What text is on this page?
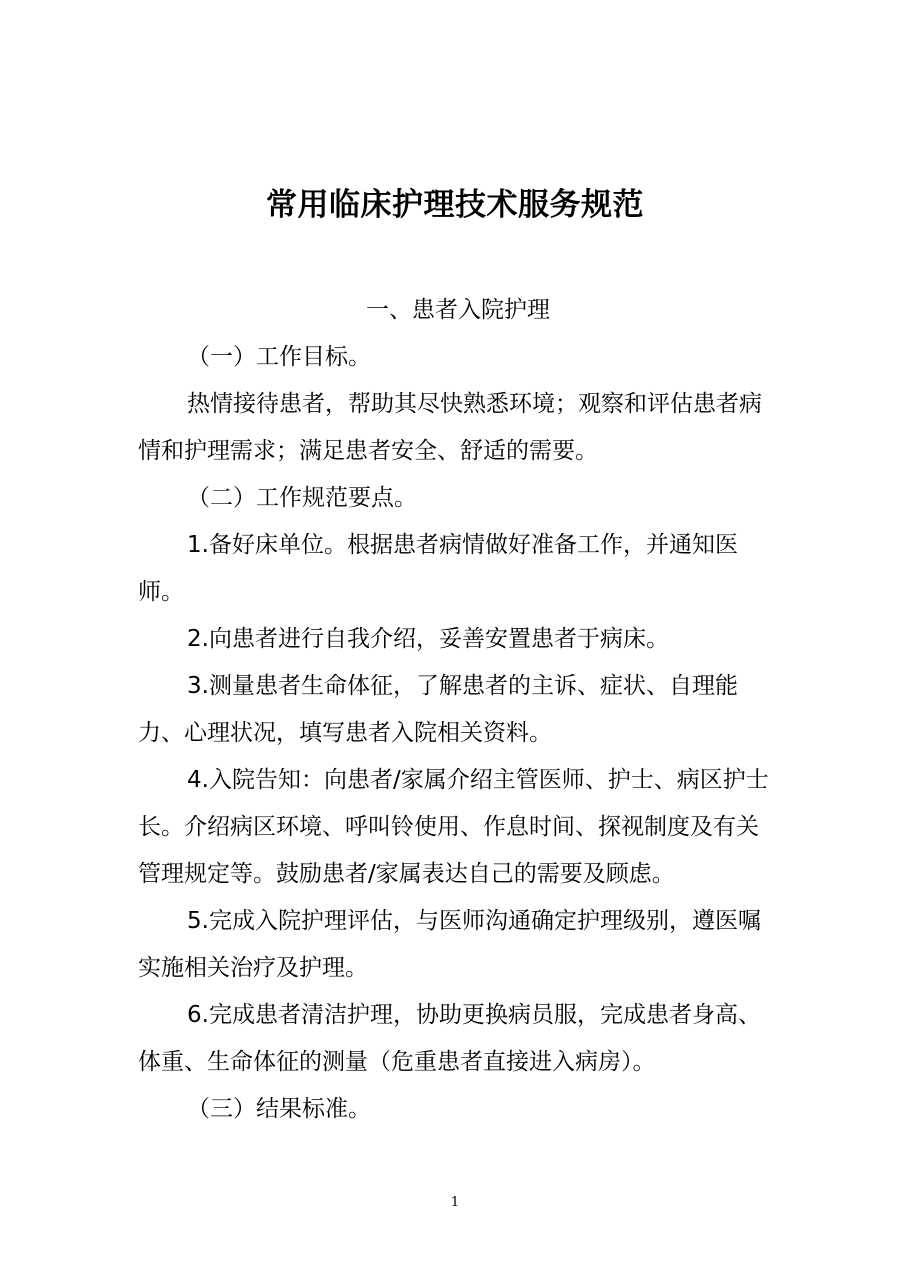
常用临床护理技术服务规范

一、患者入院护理

（一）工作目标。

热情接待患者，帮助其尽快熟悉环境；观察和评估患者病情和护理需求；满足患者安全、舒适的需要。

（二）工作规范要点。

1.备好床单位。根据患者病情做好准备工作，并通知医师。

2.向患者进行自我介绍，妥善安置患者于病床。

3.测量患者生命体征，了解患者的主诉、症状、自理能力、心理状况，填写患者入院相关资料。

4.入院告知：向患者/家属介绍主管医师、护士、病区护士长。介绍病区环境、呼叫铃使用、作息时间、探视制度及有关管理规定等。鼓励患者/家属表达自己的需要及顾虑。

5.完成入院护理评估，与医师沟通确定护理级别，遵医嘱实施相关治疗及护理。

6.完成患者清洁护理，协助更换病员服，完成患者身高、体重、生命体征的测量（危重患者直接进入病房）。

（三）结果标准。

1
